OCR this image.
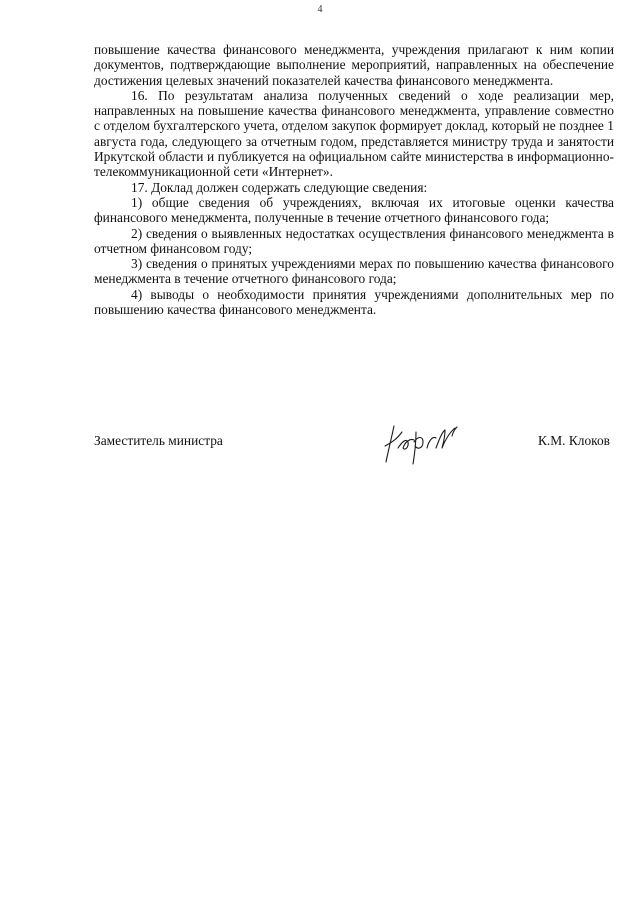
4

повышение качества финансового менеджмента, учреждения прилагают к ним копии документов, подтверждающие выполнение мероприятий, направленных на обеспечение достижения целевых значений показателей качества финансового менеджмента.

16. По результатам анализа полученных сведений о ходе реализации мер, направленных на повышение качества финансового менеджмента, управление совместно с отделом бухгалтерского учета, отделом закупок формирует доклад, который не позднее 1 августа года, следующего за отчетным годом, представляется министру труда и занятости Иркутской области и публикуется на официальном сайте министерства в информационно-телекоммуникационной сети «Интернет».

17. Доклад должен содержать следующие сведения:

1) общие сведения об учреждениях, включая их итоговые оценки качества финансового менеджмента, полученные в течение отчетного финансового года;

2) сведения о выявленных недостатках осуществления финансового менеджмента в отчетном финансовом году;

3) сведения о принятых учреждениями мерах по повышению качества финансового менеджмента в течение отчетного финансового года;

4) выводы о необходимости принятия учреждениями дополнительных мер по повышению качества финансового менеджмента.

Заместитель министра	К.М. Клоков
